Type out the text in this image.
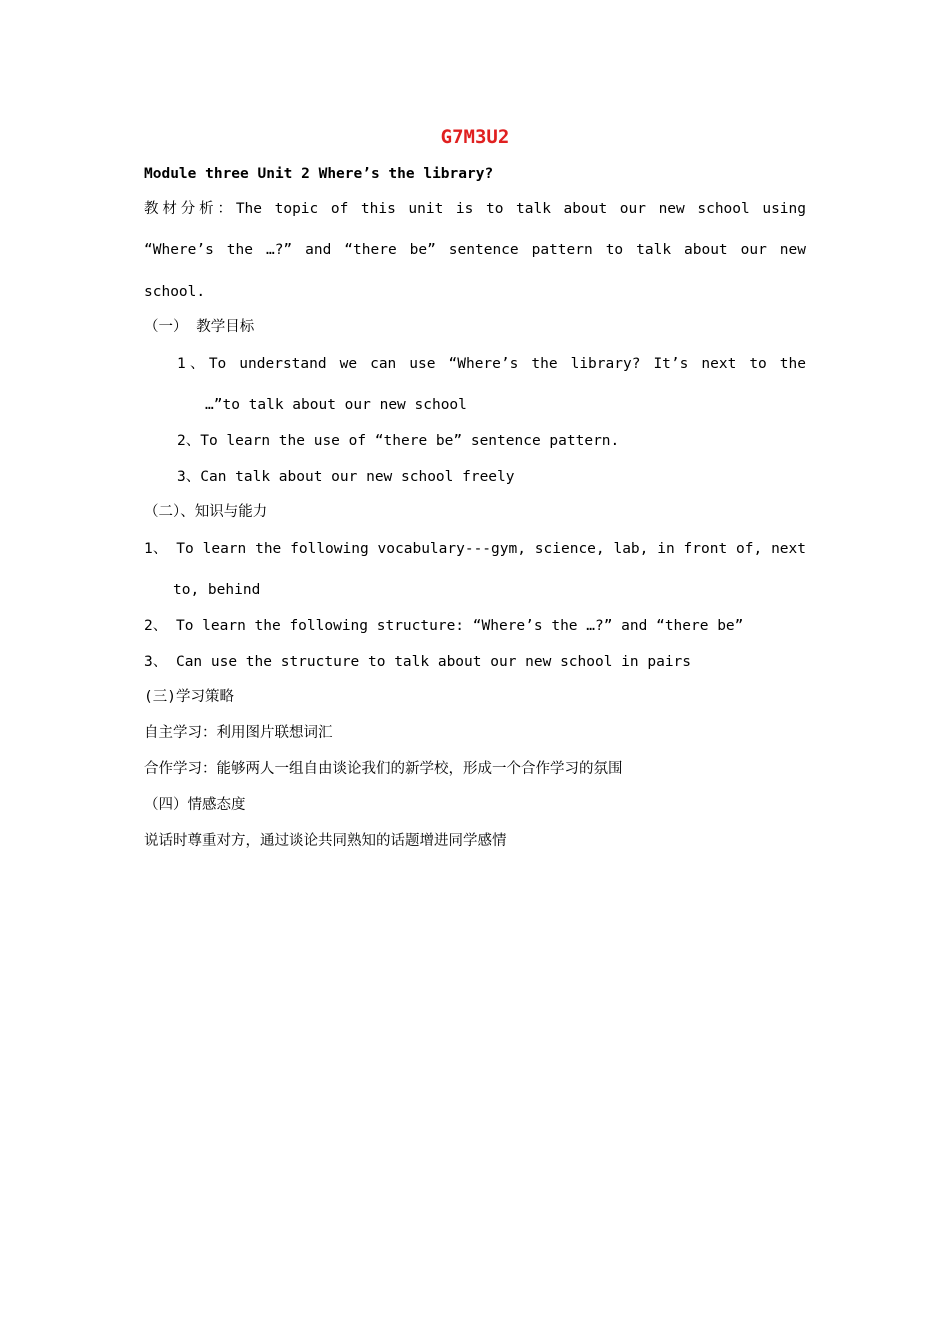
G7M3U2
Module three Unit 2 Where’s the library?
教材分析：The topic of this unit is to talk about our new school using
“Where’s the …?” and “there be” sentence pattern to talk about our new
school.
（一） 教学目标
1、To understand we can use “Where’s the library? It’s next to the
…”to talk about our new school
2、To learn the use of “there be” sentence pattern.
3、Can talk about our new school freely
（二）、知识与能力
1、 To learn the following vocabulary---gym, science, lab, in front of, next
to, behind
2、 To learn the following structure: “Where’s the …?” and “there be”
3、 Can use the structure to talk about our new school in pairs
(三)学习策略
自主学习：利用图片联想词汇
合作学习：能够两人一组自由谈论我们的新学校，形成一个合作学习的氛围
（四）情感态度
说话时尊重对方，通过谈论共同熟知的话题增进同学感情
